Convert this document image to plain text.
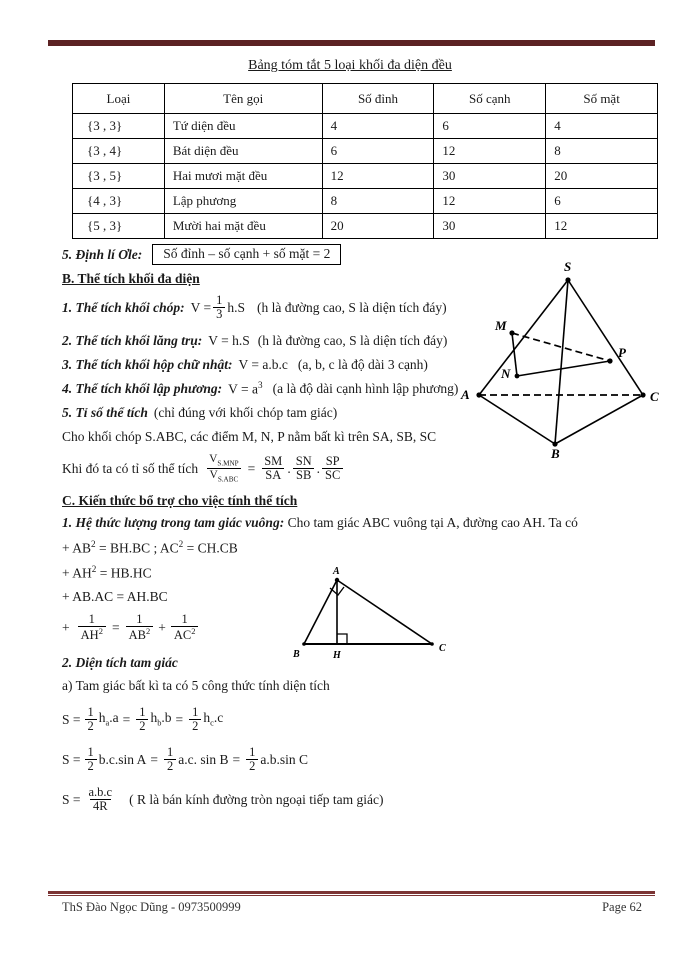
Bảng tóm tắt 5 loại khối đa diện đều
Loại	Tên gọi	Số đỉnh	Số cạnh	Số mặt
{3 , 3}	Tứ diện đều	4	6	4
{3 , 4}	Bát diện đều	6	12	8
{3 , 5}	Hai mươi mặt đều	12	30	20
{4 , 3}	Lập phương	8	12	6
{5 , 3}	Mười hai mặt đều	20	30	12
5. Định lí Ơle:	Số đỉnh – số cạnh + số mặt = 2
B. Thể tích khối đa diện
1. Thể tích khối chóp: $V = \frac{1}{3} h.S$ (h là đường cao, S là diện tích đáy)
2. Thể tích khối lăng trụ: V = h.S (h là đường cao, S là diện tích đáy)
3. Thể tích khối hộp chữ nhật: V = a.b.c (a, b, c là độ dài 3 cạnh)
4. Thể tích khối lập phương: $V = a^3$ (a là độ dài cạnh hình lập phương)
5. Tỉ số thể tích (chỉ đúng với khối chóp tam giác)
Cho khối chóp S.ABC, các điểm M, N, P nằm bất kì trên SA, SB, SC
Khi đó ta có tỉ số thể tích $\frac{V_{S.MNP}}{V_{S.ABC}} = \frac{SM}{SA}$ . $\frac{SN}{SB}$ . $\frac{SP}{SC}$
C. Kiến thức bổ trợ cho việc tính thể tích
1. Hệ thức lượng trong tam giác vuông: Cho tam giác ABC vuông tại A, đường cao AH. Ta có
+ $AB^2 = BH.BC$ ; $AC^2 = CH.CB$
+ $AH^2 = HB.HC$
+ AB.AC = AH.BC
+ $\frac{1}{AH^2} = \frac{1}{AB^2} + \frac{1}{AC^2}$
2. Diện tích tam giác
a) Tam giác bất kì ta có 5 công thức tính diện tích
$S = \frac{1}{2} h_a.a = \frac{1}{2} h_b.b = \frac{1}{2} h_c.c$
$S = \frac{1}{2} b.c.\sin$ $A = \frac{1}{2} a.c$. $\sin B = \frac{1}{2} a.b.\sin$ C
$S = \frac{a.b.c}{4R}$ ( R là bán kính đường tròn ngoại tiếp tam giác)
S
M
P
N
A	C
B
A
B	H
C
ThS Đào Ngọc Dũng - 0973500999	Page 62
